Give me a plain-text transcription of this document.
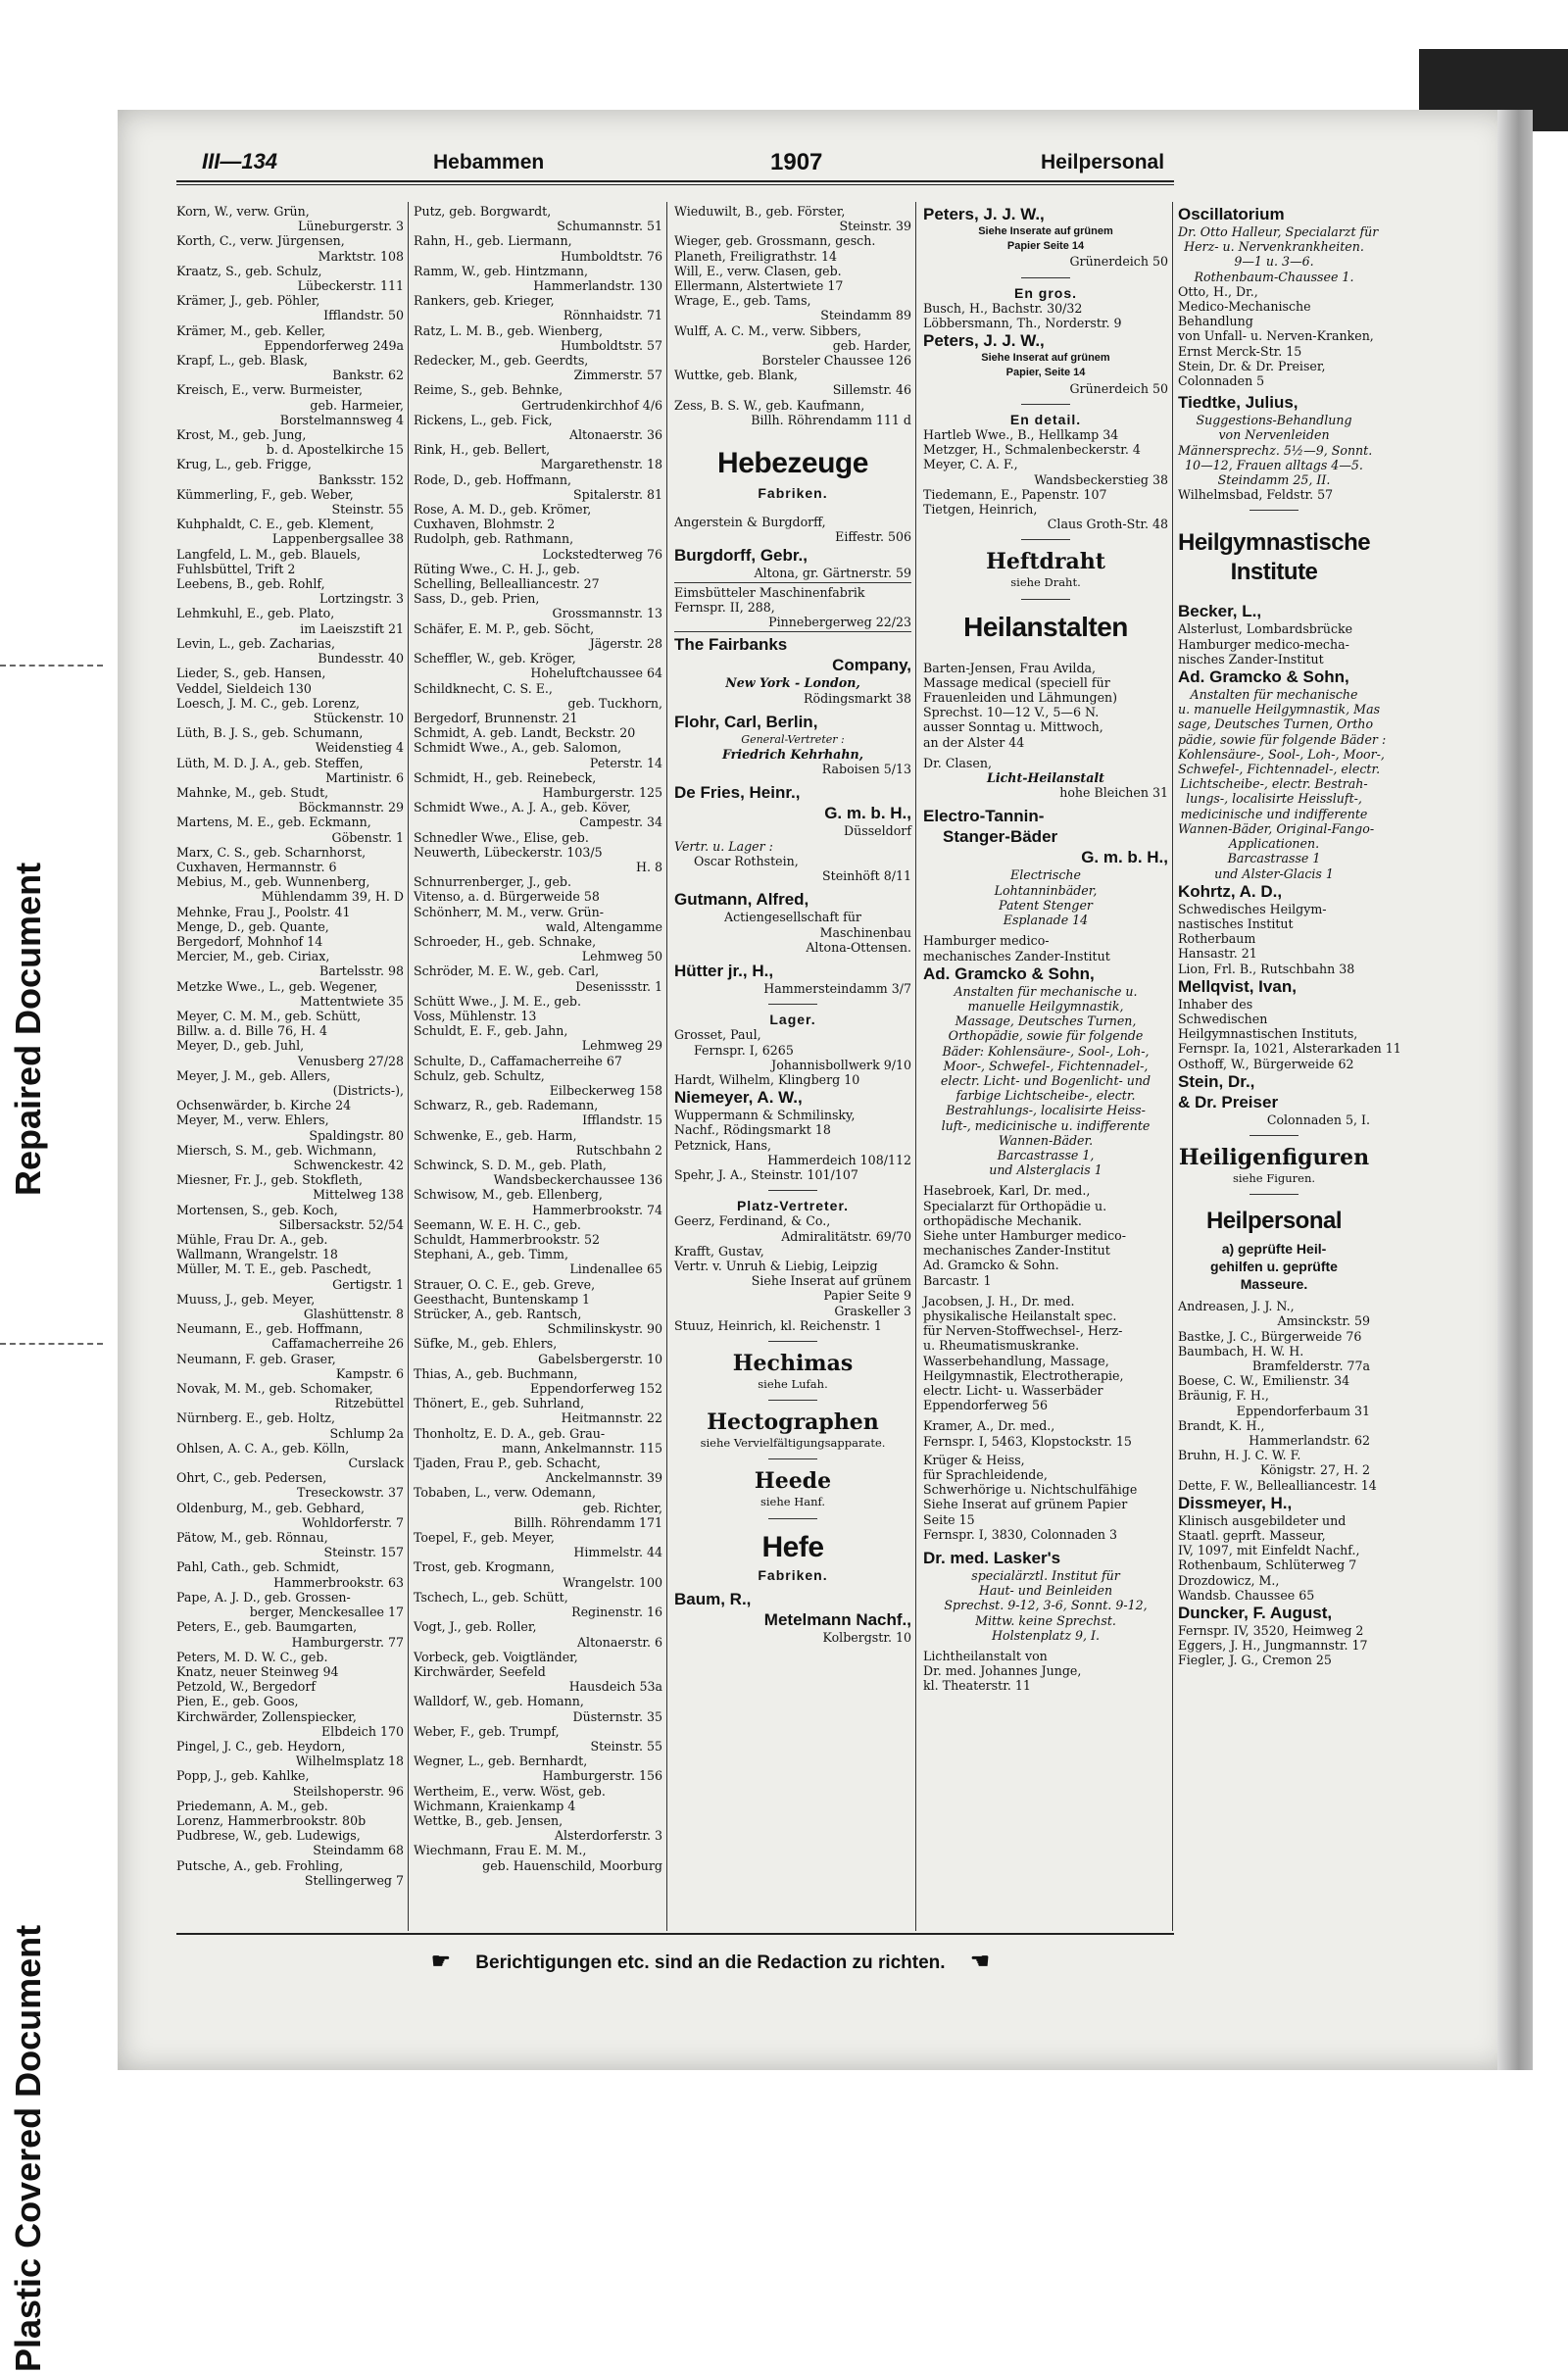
Repaired Document
Plastic Covered Document
III—134	Hebammen	1907	Heilpersonal
Korn, W., verw. Grün,
Lüneburgerstr. 3
Korth, C., verw. Jürgensen,
Marktstr. 108
Kraatz, S., geb. Schulz,
Lübeckerstr. 111
Krämer, J., geb. Pöhler,
Ifflandstr. 50
Krämer, M., geb. Keller,
Eppendorferweg 249a
Krapf, L., geb. Blask,
Bankstr. 62
Kreisch, E., verw. Burmeister,
geb. Harmeier,
Borstelmannsweg 4
Krost, M., geb. Jung,
b. d. Apostelkirche 15
Krug, L., geb. Frigge,
Banksstr. 152
Kümmerling, F., geb. Weber,
Steinstr. 55
Kuhphaldt, C. E., geb. Klement,
Lappenbergsallee 38
Langfeld, L. M., geb. Blauels,
Fuhlsbüttel, Trift 2
Leebens, B., geb. Rohlf,
Lortzingstr. 3
Lehmkuhl, E., geb. Plato,
im Laeiszstift 21
Levin, L., geb. Zacharias,
Bundesstr. 40
Lieder, S., geb. Hansen,
Veddel, Sieldeich 130
Loesch, J. M. C., geb. Lorenz,
Stückenstr. 10
Lüth, B. J. S., geb. Schumann,
Weidenstieg 4
Lüth, M. D. J. A., geb. Steffen,
Martinistr. 6
Mahnke, M., geb. Studt,
Böckmannstr. 29
Martens, M. E., geb. Eckmann,
Göbenstr. 1
Marx, C. S., geb. Scharnhorst,
Cuxhaven, Hermannstr. 6
Mebius, M., geb. Wunnenberg,
Mühlendamm 39, H. D
Mehnke, Frau J., Poolstr. 41
Menge, D., geb. Quante,
Bergedorf, Mohnhof 14
Mercier, M., geb. Ciriax,
Bartelsstr. 98
Metzke Wwe., L., geb. Wegener,
Mattentwiete 35
Meyer, C. M. M., geb. Schütt,
Billw. a. d. Bille 76, H. 4
Meyer, D., geb. Juhl,
Venusberg 27/28
Meyer, J. M., geb. Allers,
(Districts-),
Ochsenwärder, b. Kirche 24
Meyer, M., verw. Ehlers,
Spaldingstr. 80
Miersch, S. M., geb. Wichmann,
Schwenckestr. 42
Miesner, Fr. J., geb. Stokfleth,
Mittelweg 138
Mortensen, S., geb. Koch,
Silbersackstr. 52/54
Mühle, Frau Dr. A., geb.
Wallmann, Wrangelstr. 18
Müller, M. T. E., geb. Paschedt,
Gertigstr. 1
Muuss, J., geb. Meyer,
Glashüttenstr. 8
Neumann, E., geb. Hoffmann,
Caffamacherreihe 26
Neumann, F. geb. Graser,
Kampstr. 6
Novak, M. M., geb. Schomaker,
Ritzebüttel
Nürnberg. E., geb. Holtz,
Schlump 2a
Ohlsen, A. C. A., geb. Kölln,
Curslack
Ohrt, C., geb. Pedersen,
Treseckowstr. 37
Oldenburg, M., geb. Gebhard,
Wohldorferstr. 7
Pätow, M., geb. Rönnau,
Steinstr. 157
Pahl, Cath., geb. Schmidt,
Hammerbrookstr. 63
Pape, A. J. D., geb. Grossen-
berger, Menckesallee 17
Peters, E., geb. Baumgarten,
Hamburgerstr. 77
Peters, M. D. W. C., geb.
Knatz, neuer Steinweg 94
Petzold, W., Bergedorf
Pien, E., geb. Goos,
Kirchwärder, Zollenspiecker,
Elbdeich 170
Pingel, J. C., geb. Heydorn,
Wilhelmsplatz 18
Popp, J., geb. Kahlke,
Steilshoperstr. 96
Priedemann, A. M., geb.
Lorenz, Hammerbrookstr. 80b
Pudbrese, W., geb. Ludewigs,
Steindamm 68
Putsche, A., geb. Frohling,
Stellingerweg 7
Putz, geb. Borgwardt,
Schumannstr. 51
Rahn, H., geb. Liermann,
Humboldtstr. 76
Ramm, W., geb. Hintzmann,
Hammerlandstr. 130
Rankers, geb. Krieger,
Rönnhaidstr. 71
Ratz, L. M. B., geb. Wienberg,
Humboldtstr. 57
Redecker, M., geb. Geerdts,
Zimmerstr. 57
Reime, S., geb. Behnke,
Gertrudenkirchhof 4/6
Rickens, L., geb. Fick,
Altonaerstr. 36
Rink, H., geb. Bellert,
Margarethenstr. 18
Rode, D., geb. Hoffmann,
Spitalerstr. 81
Rose, A. M. D., geb. Krömer,
Cuxhaven, Blohmstr. 2
Rudolph, geb. Rathmann,
Lockstedterweg 76
Rüting Wwe., C. H. J., geb.
Schelling, Bellealliancestr. 27
Sass, D., geb. Prien,
Grossmannstr. 13
Schäfer, E. M. P., geb. Söcht,
Jägerstr. 28
Scheffler, W., geb. Kröger,
Hoheluftchaussee 64
Schildknecht, C. S. E.,
geb. Tuckhorn,
Bergedorf, Brunnenstr. 21
Schmidt, A. geb. Landt, Beckstr. 20
Schmidt Wwe., A., geb. Salomon,
Peterstr. 14
Schmidt, H., geb. Reinebeck,
Hamburgerstr. 125
Schmidt Wwe., A. J. A., geb. Köver,
Campestr. 34
Schnedler Wwe., Elise, geb.
Neuwerth, Lübeckerstr. 103/5
H. 8
Schnurrenberger, J., geb.
Vitenso, a. d. Bürgerweide 58
Schönherr, M. M., verw. Grün-
wald, Altengamme
Schroeder, H., geb. Schnake,
Lehmweg 50
Schröder, M. E. W., geb. Carl,
Desenissstr. 1
Schütt Wwe., J. M. E., geb.
Voss, Mühlenstr. 13
Schuldt, E. F., geb. Jahn,
Lehmweg 29
Schulte, D., Caffamacherreihe 67
Schulz, geb. Schultz,
Eilbeckerweg 158
Schwarz, R., geb. Rademann,
Ifflandstr. 15
Schwenke, E., geb. Harm,
Rutschbahn 2
Schwinck, S. D. M., geb. Plath,
Wandsbeckerchaussee 136
Schwisow, M., geb. Ellenberg,
Hammerbrookstr. 74
Seemann, W. E. H. C., geb.
Schuldt, Hammerbrookstr. 52
Stephani, A., geb. Timm,
Lindenallee 65
Strauer, O. C. E., geb. Greve,
Geesthacht, Buntenskamp 1
Strücker, A., geb. Rantsch,
Schmilinskystr. 90
Süfke, M., geb. Ehlers,
Gabelsbergerstr. 10
Thias, A., geb. Buchmann,
Eppendorferweg 152
Thönert, E., geb. Suhrland,
Heitmannstr. 22
Thonholtz, E. D. A., geb. Grau-
mann, Ankelmannstr. 115
Tjaden, Frau P., geb. Schacht,
Anckelmannstr. 39
Tobaben, L., verw. Odemann,
geb. Richter,
Billh. Röhrendamm 171
Toepel, F., geb. Meyer,
Himmelstr. 44
Trost, geb. Krogmann,
Wrangelstr. 100
Tschech, L., geb. Schütt,
Reginenstr. 16
Vogt, J., geb. Roller,
Altonaerstr. 6
Vorbeck, geb. Voigtländer,
Kirchwärder, Seefeld
Hausdeich 53a
Walldorf, W., geb. Homann,
Düsternstr. 35
Weber, F., geb. Trumpf,
Steinstr. 55
Wegner, L., geb. Bernhardt,
Hamburgerstr. 156
Wertheim, E., verw. Wöst, geb.
Wichmann, Kraienkamp 4
Wettke, B., geb. Jensen,
Alsterdorferstr. 3
Wiechmann, Frau E. M. M.,
geb. Hauenschild, Moorburg
Wieduwilt, B., geb. Förster,
Steinstr. 39
Wieger, geb. Grossmann, gesch.
Planeth, Freiligrathstr. 14
Will, E., verw. Clasen, geb.
Ellermann, Alstertwiete 17
Wrage, E., geb. Tams,
Steindamm 89
Wulff, A. C. M., verw. Sibbers,
geb. Harder,
Borsteler Chaussee 126
Wuttke, geb. Blank,
Sillemstr. 46
Zess, B. S. W., geb. Kaufmann,
Billh. Röhrendamm 111 d
Hebezeuge
Fabriken.
Angerstein & Burgdorff,
Eiffestr. 506
Burgdorff, Gebr.,
Altona, gr. Gärtnerstr. 59
Eimsbütteler Maschinenfabrik
Fernspr. II, 288,
Pinnebergerweg 22/23
The Fairbanks
Company,
New York - London,
Rödingsmarkt 38
Flohr, Carl, Berlin,
General-Vertreter :
Friedrich Kehrhahn,
Raboisen 5/13
De Fries, Heinr.,
G. m. b. H.,
Düsseldorf
Vertr. u. Lager :
Oscar Rothstein,
Steinhöft 8/11
Gutmann, Alfred,
Actiengesellschaft für
Maschinenbau
Altona-Ottensen.
Hütter jr., H.,
Hammersteindamm 3/7
Lager.
Grosset, Paul,
Fernspr. I, 6265
Johannisbollwerk 9/10
Hardt, Wilhelm, Klingberg 10
Niemeyer, A. W.,
Wuppermann & Schmilinsky,
Nachf., Rödingsmarkt 18
Petznick, Hans,
Hammerdeich 108/112
Spehr, J. A., Steinstr. 101/107
Platz-Vertreter.
Geerz, Ferdinand, & Co.,
Admiralitätstr. 69/70
Krafft, Gustav,
Vertr. v. Unruh & Liebig, Leipzig
Siehe Inserat auf grünem
Papier Seite 9
Graskeller 3
Stuuz, Heinrich, kl. Reichenstr. 1
Hechimas
siehe Lufah.
Hectographen
siehe Vervielfältigungsapparate.
Heede
siehe Hanf.
Hefe
Fabriken.
Baum, R.,
Metelmann Nachf.,
Kolbergstr. 10
Peters, J. J. W.,
Siehe Inserate auf grünem
Papier Seite 14
Grünerdeich 50
En gros.
Busch, H., Bachstr. 30/32
Löbbersmann, Th., Norderstr. 9
Peters, J. J. W.,
Siehe Inserat auf grünem
Papier, Seite 14
Grünerdeich 50
En detail.
Hartleb Wwe., B., Hellkamp 34
Metzger, H., Schmalenbeckerstr. 4
Meyer, C. A. F.,
Wandsbeckerstieg 38
Tiedemann, E., Papenstr. 107
Tietgen, Heinrich,
Claus Groth-Str. 48
Heftdraht
siehe Draht.
Heilanstalten
Barten-Jensen, Frau Avilda,
Massage medical (speciell für
Frauenleiden und Lähmungen)
Sprechst. 10—12 V., 5—6 N.
ausser Sonntag u. Mittwoch,
an der Alster 44
Dr. Clasen,
Licht-Heilanstalt
hohe Bleichen 31
Electro-Tannin-
Stanger-Bäder
G. m. b. H.,
Electrische
Lohtanninbäder,
Patent Stenger
Esplanade 14
Hamburger medico-
mechanisches Zander-Institut
Ad. Gramcko & Sohn,
Anstalten für mechanische u.
manuelle Heilgymnastik,
Massage, Deutsches Turnen,
Orthopädie, sowie für folgende
Bäder: Kohlensäure-, Sool-, Loh-,
Moor-, Schwefel-, Fichtennadel-,
electr. Licht- und Bogenlicht- und
farbige Lichtscheibe-, electr.
Bestrahlungs-, localisirte Heiss-
luft-, medicinische u. indifferente
Wannen-Bäder.
Barcastrasse 1,
und Alsterglacis 1
Hasebroek, Karl, Dr. med.,
Specialarzt für Orthopädie u.
orthopädische Mechanik.
Siehe unter Hamburger medico-
mechanisches Zander-Institut
Ad. Gramcko & Sohn.
Barcastr. 1
Jacobsen, J. H., Dr. med.
physikalische Heilanstalt spec.
für Nerven-Stoffwechsel-, Herz-
u. Rheumatismuskranke.
Wasserbehandlung, Massage,
Heilgymnastik, Electrotherapie,
electr. Licht- u. Wasserbäder
Eppendorferweg 56
Kramer, A., Dr. med.,
Fernspr. I, 5463, Klopstockstr. 15
Krüger & Heiss,
für Sprachleidende,
Schwerhörige u. Nichtschulfähige
Siehe Inserat auf grünem Papier
Seite 15
Fernspr. I, 3830, Colonnaden 3
Dr. med. Lasker's
specialärztl. Institut für
Haut- und Beinleiden
Sprechst. 9-12, 3-6, Sonnt. 9-12,
Mittw. keine Sprechst.
Holstenplatz 9, I.
Lichtheilanstalt von
Dr. med. Johannes Junge,
kl. Theaterstr. 11
Oscillatorium
Dr. Otto Halleur, Specialarzt für
Herz- u. Nervenkrankheiten.
9—1 u. 3—6.
Rothenbaum-Chaussee 1.
Otto, H., Dr.,
Medico-Mechanische
Behandlung
von Unfall- u. Nerven-Kranken,
Ernst Merck-Str. 15
Stein, Dr. & Dr. Preiser,
Colonnaden 5
Tiedtke, Julius,
Suggestions-Behandlung
von Nervenleiden
Männersprechz. 5½—9, Sonnt.
10—12, Frauen alltags 4—5.
Steindamm 25, II.
Wilhelmsbad, Feldstr. 57
Heilgymnastische
Institute
Becker, L.,
Alsterlust, Lombardsbrücke
Hamburger medico-mecha-
nisches Zander-Institut
Ad. Gramcko & Sohn,
Anstalten für mechanische
u. manuelle Heilgymnastik, Mas
sage, Deutsches Turnen, Ortho
pädie, sowie für folgende Bäder :
Kohlensäure-, Sool-, Loh-, Moor-,
Schwefel-, Fichtennadel-, electr.
Lichtscheibe-, electr. Bestrah-
lungs-, localisirte Heissluft-,
medicinische und indifferente
Wannen-Bäder, Original-Fango-
Applicationen.
Barcastrasse 1
und Alster-Glacis 1
Kohrtz, A. D.,
Schwedisches Heilgym-
nastisches Institut
Rotherbaum
Hansastr. 21
Lion, Frl. B., Rutschbahn 38
Mellqvist, Ivan,
Inhaber des
Schwedischen
Heilgymnastischen Instituts,
Fernspr. Ia, 1021, Alsterarkaden 11
Osthoff, W., Bürgerweide 62
Stein, Dr.,
& Dr. Preiser
Colonnaden 5, I.
Heiligenfiguren
siehe Figuren.
Heilpersonal
a) geprüfte Heil-
gehilfen u. geprüfte
Masseure.
Andreasen, J. J. N.,
Amsinckstr. 59
Bastke, J. C., Bürgerweide 76
Baumbach, H. W. H.
Bramfelderstr. 77a
Boese, C. W., Emilienstr. 34
Bräunig, F. H.,
Eppendorferbaum 31
Brandt, K. H.,
Hammerlandstr. 62
Bruhn, H. J. C. W. F.
Königstr. 27, H. 2
Dette, F. W., Bellealliancestr. 14
Dissmeyer, H.,
Klinisch ausgebildeter und
Staatl. geprft. Masseur,
IV, 1097, mit Einfeldt Nachf.,
Rothenbaum, Schlüterweg 7
Drozdowicz, M.,
Wandsb. Chaussee 65
Duncker, F. August,
Fernspr. IV, 3520, Heimweg 2
Eggers, J. H., Jungmannstr. 17
Fiegler, J. G., Cremon 25
☛ Berichtigungen etc. sind an die Redaction zu richten. ☚
